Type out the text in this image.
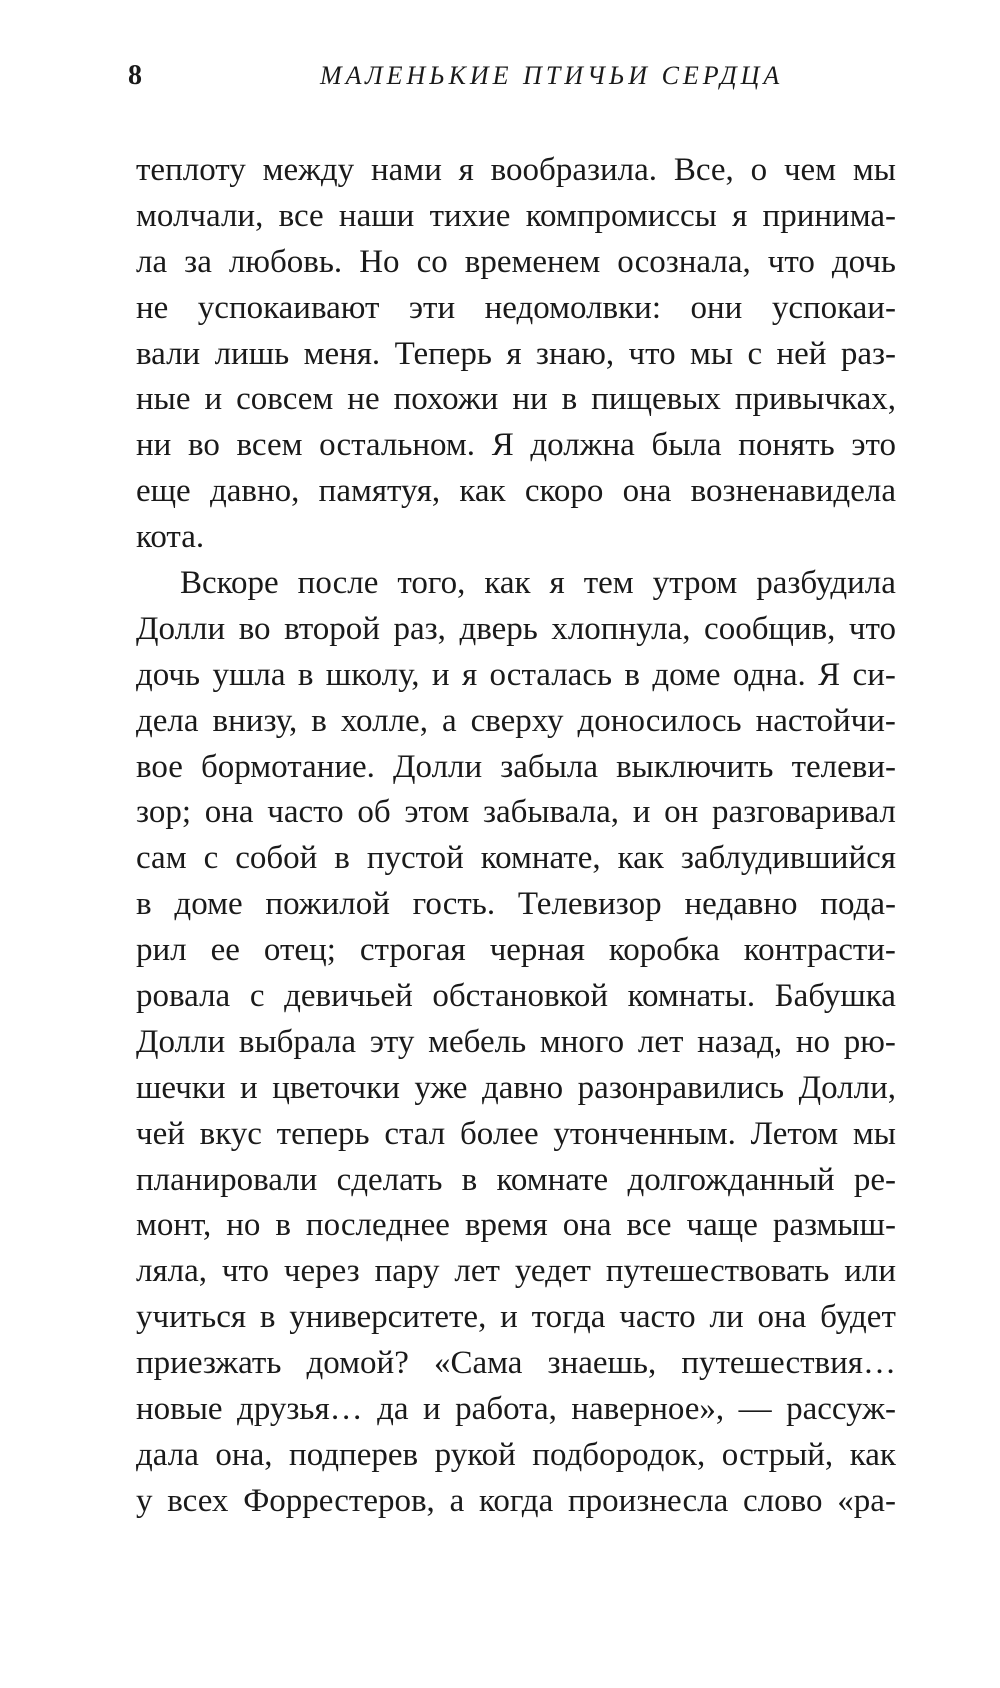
8	МАЛЕНЬКИЕ ПТИЧЬИ СЕРДЦА
теплоту между нами я вообразила. Все, о чем мы
молчали, все наши тихие компромиссы я принима-
ла за любовь. Но со временем осознала, что дочь
не успокаивают эти недомолвки: они успокаи-
вали лишь меня. Теперь я знаю, что мы с ней раз-
ные и совсем не похожи ни в пищевых привычках,
ни во всем остальном. Я должна была понять это
еще давно, памятуя, как скоро она возненавидела
кота.
Вскоре после того, как я тем утром разбудила
Долли во второй раз, дверь хлопнула, сообщив, что
дочь ушла в школу, и я осталась в доме одна. Я си-
дела внизу, в холле, а сверху доносилось настойчи-
вое бормотание. Долли забыла выключить телеви-
зор; она часто об этом забывала, и он разговаривал
сам с собой в пустой комнате, как заблудившийся
в доме пожилой гость. Телевизор недавно пода-
рил ее отец; строгая черная коробка контрасти-
ровала с девичьей обстановкой комнаты. Бабушка
Долли выбрала эту мебель много лет назад, но рю-
шечки и цветочки уже давно разонравились Долли,
чей вкус теперь стал более утонченным. Летом мы
планировали сделать в комнате долгожданный ре-
монт, но в последнее время она все чаще размыш-
ляла, что через пару лет уедет путешествовать или
учиться в университете, и тогда часто ли она будет
приезжать домой? «Сама знаешь, путешествия…
новые друзья… да и работа, наверное», — рассуж-
дала она, подперев рукой подбородок, острый, как
у всех Форрестеров, а когда произнесла слово «ра-
